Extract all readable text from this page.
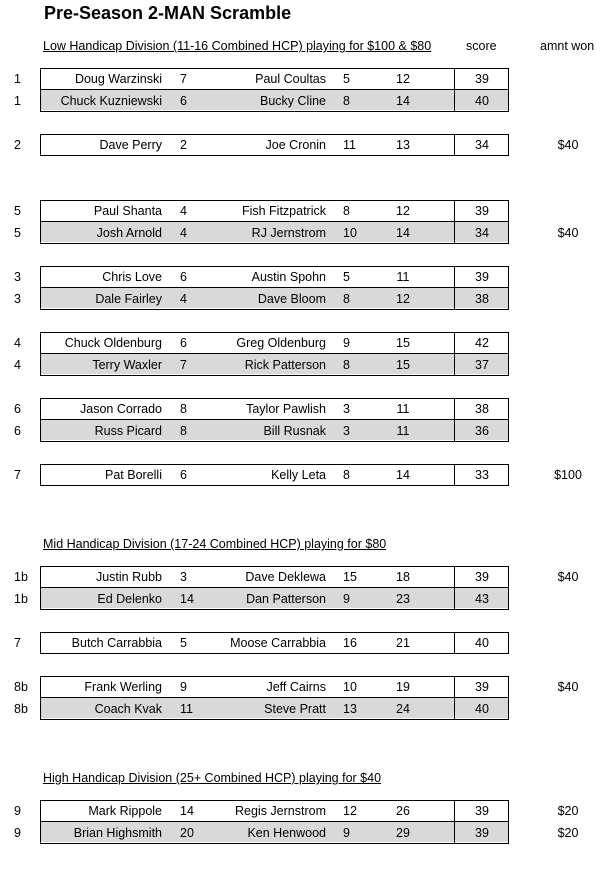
Pre-Season 2-MAN Scramble
Low Handicap Division (11-16 Combined HCP) playing for $100 & $80	score	amnt won
Mid Handicap Division (17-24 Combined HCP) playing for $80
High Handicap Division (25+ Combined HCP) playing for $40
1	Doug Warzinski 7	Paul Coultas 5	12	39
1	Chuck Kuzniewski 6	Bucky Cline 8	14	40
2	Dave Perry 2	Joe Cronin 11	13	34	$40
5	Paul Shanta 4	Fish Fitzpatrick 8	12	39
5	Josh Arnold 4	RJ Jernstrom 10	14	34	$40
3	Chris Love 6	Austin Spohn 5	11	39
3	Dale Fairley 4	Dave Bloom 8	12	38
4	Chuck Oldenburg 6	Greg Oldenburg 9	15	42
4	Terry Waxler 7	Rick Patterson 8	15	37
6	Jason Corrado 8	Taylor Pawlish 3	11	38
6	Russ Picard 8	Bill Rusnak 3	11	36
7	Pat Borelli 6	Kelly Leta 8	14	33	$100
1b	Justin Rubb 3	Dave Deklewa 15	18	39	$40
1b	Ed Delenko 14	Dan Patterson 9	23	43
7	Butch Carrabbia 5	Moose Carrabbia 16	21	40
8b	Frank Werling 9	Jeff Cairns 10	19	39	$40
8b	Coach Kvak 11	Steve Pratt 13	24	40
9	Mark Rippole 14	Regis Jernstrom 12	26	39	$20
9	Brian Highsmith 20	Ken Henwood 9	29	39	$20
